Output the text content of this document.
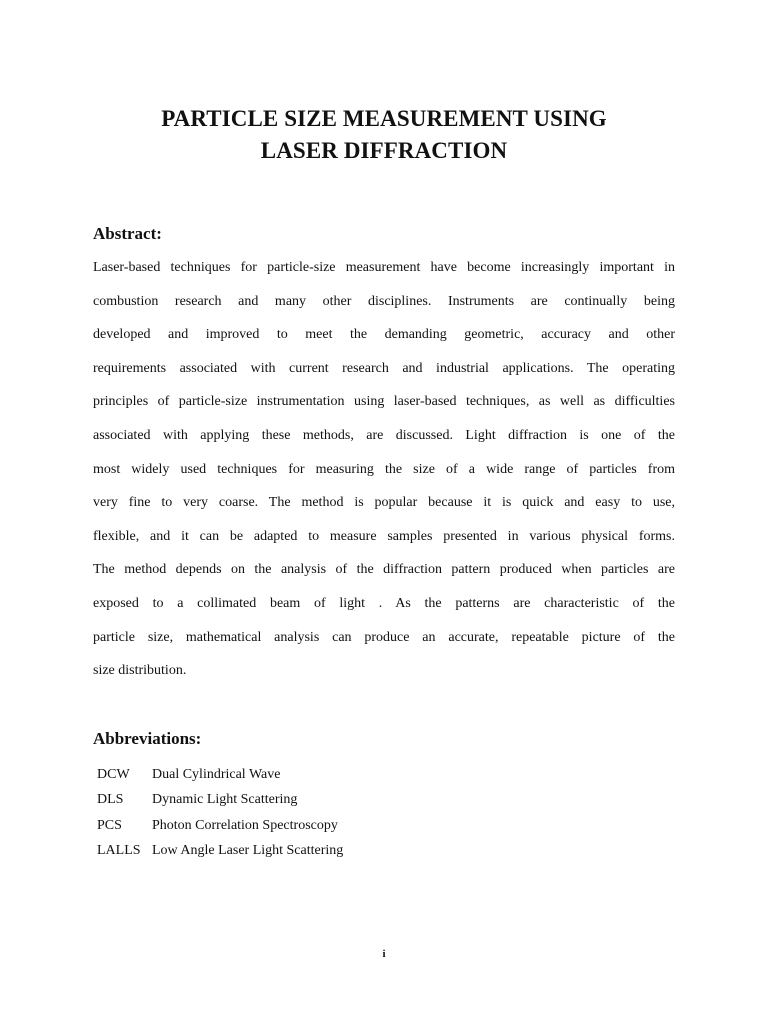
PARTICLE SIZE MEASUREMENT USING
LASER DIFFRACTION
Abstract:
Laser-based techniques for particle-size measurement have become increasingly important in
combustion research and many other disciplines. Instruments are continually being
developed and improved to meet the demanding geometric, accuracy and other
requirements associated with current research and industrial applications. The operating
principles of particle-size instrumentation using laser-based techniques, as well as difficulties
associated with applying these methods, are discussed. Light diffraction is one of the
most widely used techniques for measuring the size of a wide range of particles from
very fine to very coarse. The method is popular because it is quick and easy to use,
flexible, and it can be adapted to measure samples presented in various physical forms.
The method depends on the analysis of the diffraction pattern produced when particles are
exposed to a collimated beam of light . As the patterns are characteristic of the
particle size, mathematical analysis can produce an accurate, repeatable picture of the
size distribution.
Abbreviations:
DCW	Dual Cylindrical Wave
DLS	Dynamic Light Scattering
PCS	Photon Correlation Spectroscopy
LALLS Low Angle Laser Light Scattering
i
